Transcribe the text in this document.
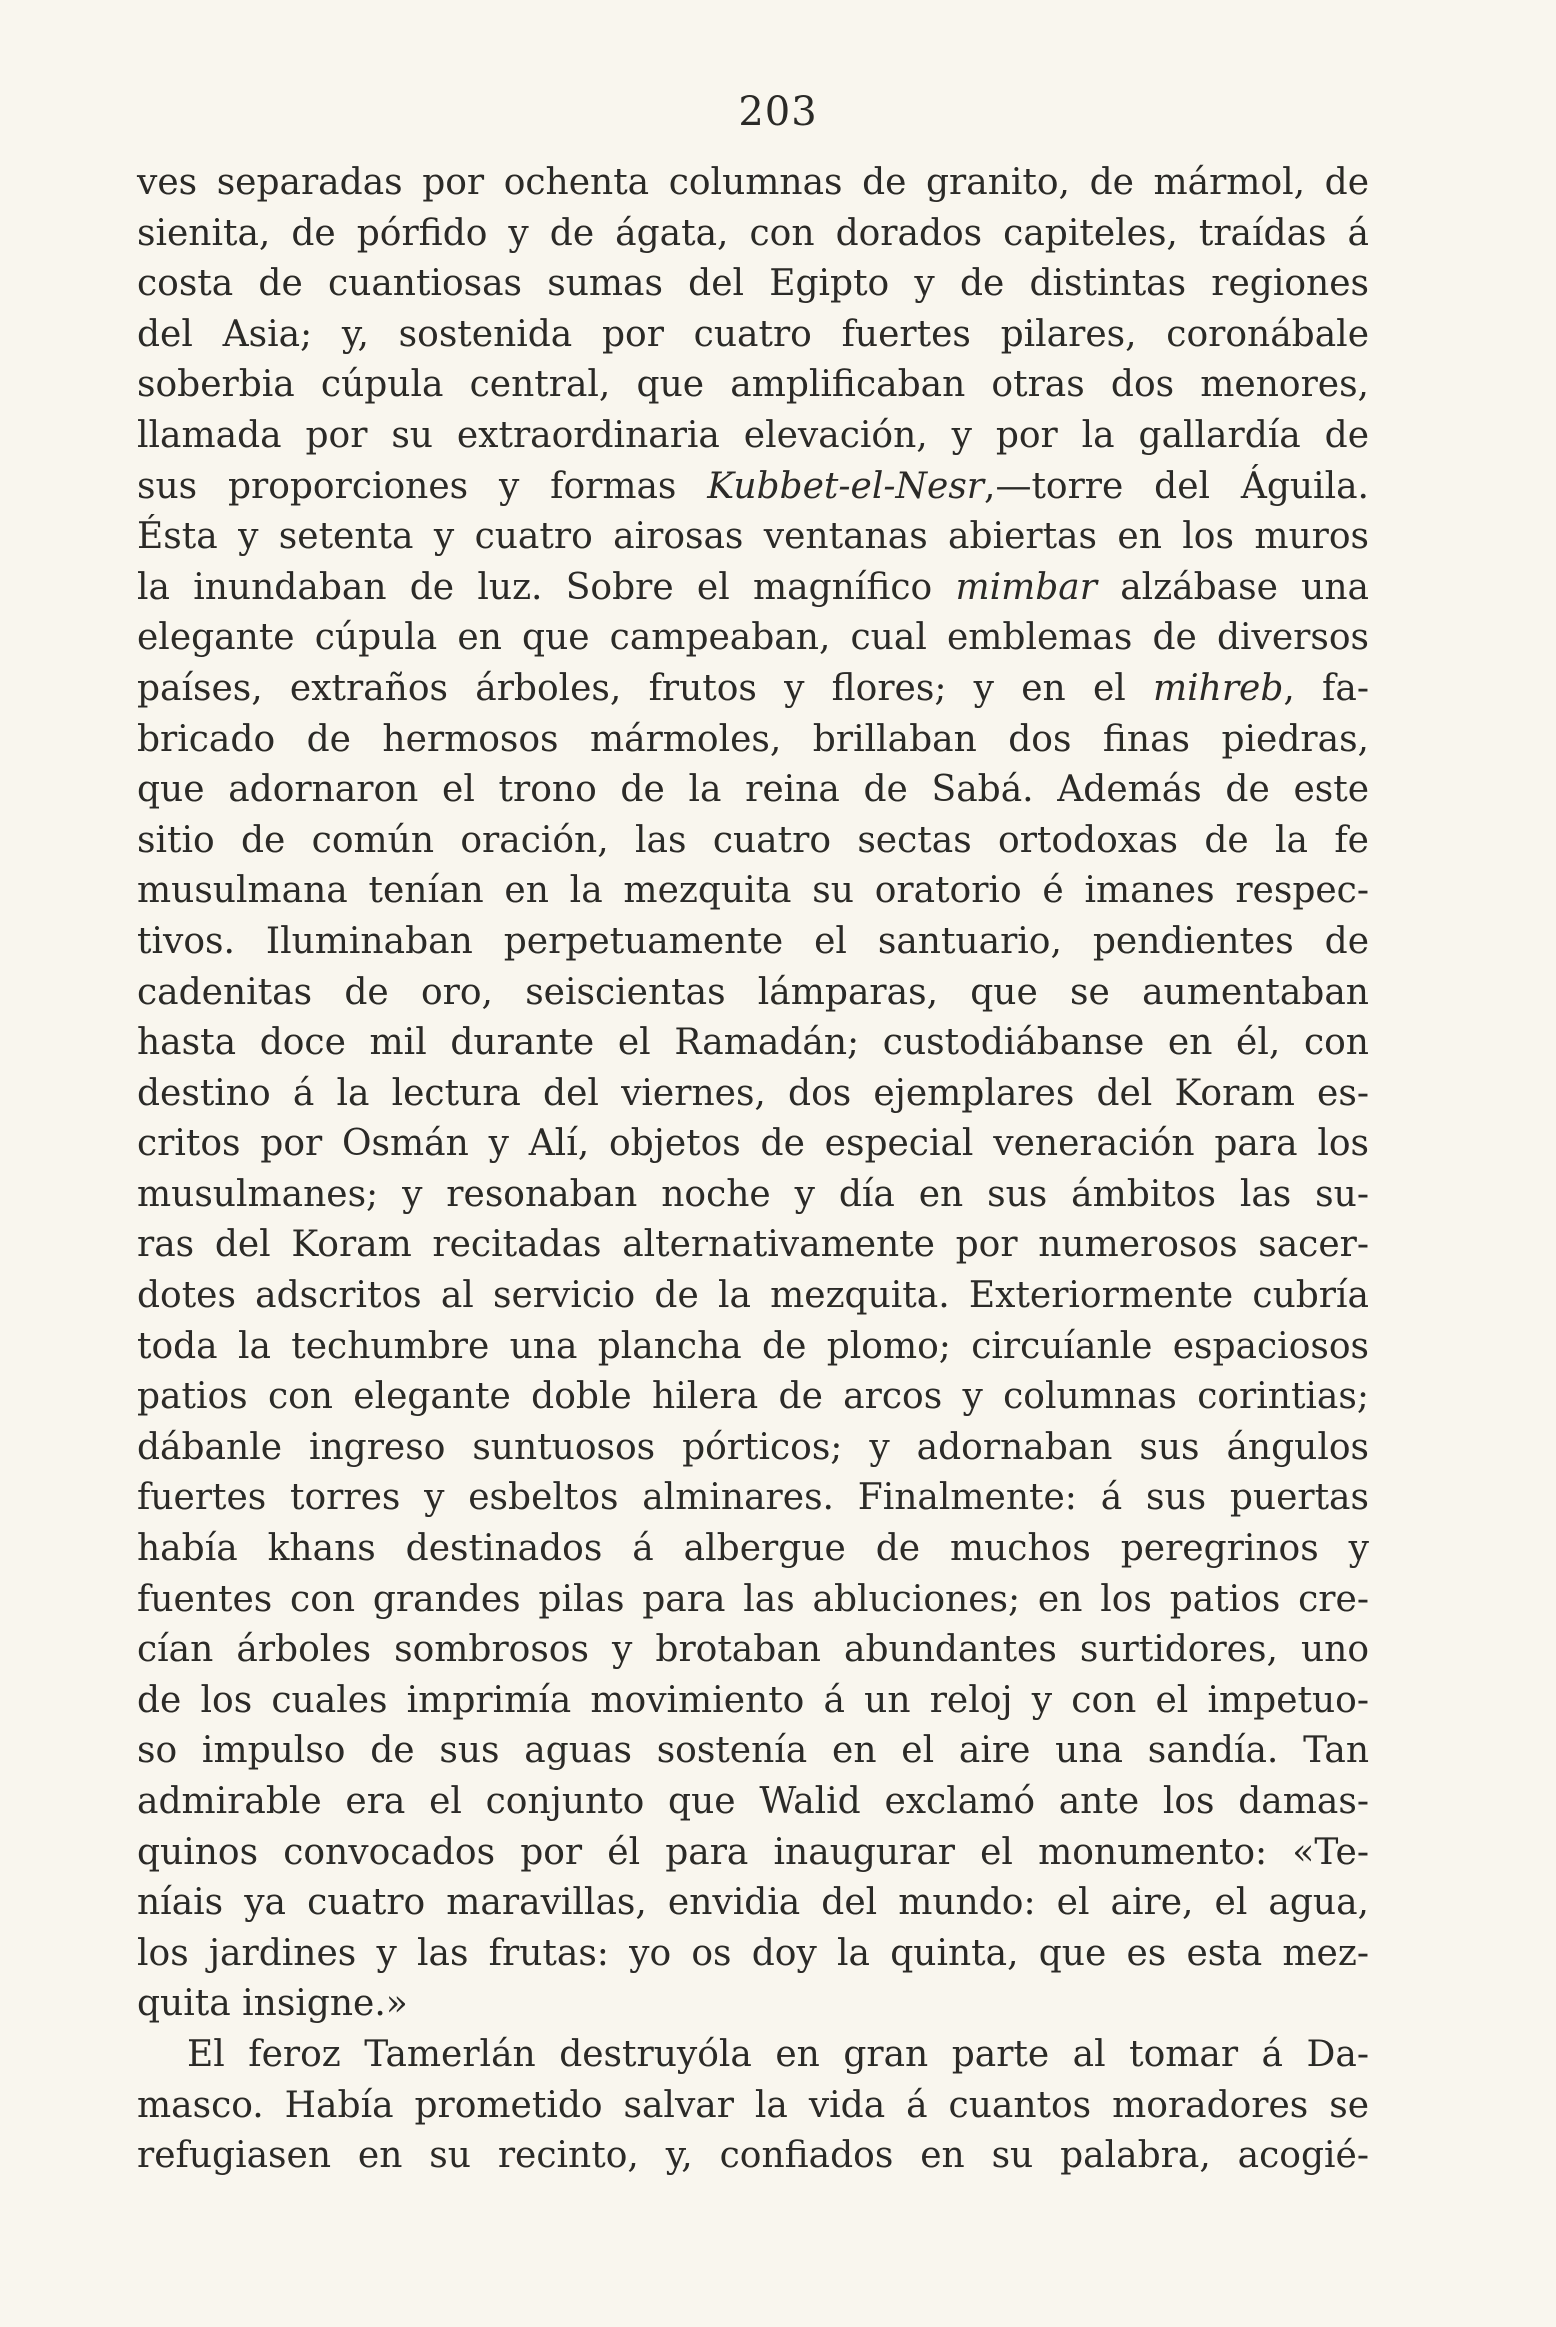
203
ves separadas por ochenta columnas de granito, de mármol, de
sienita, de pórfido y de ágata, con dorados capiteles, traídas á
costa de cuantiosas sumas del Egipto y de distintas regiones
del Asia; y, sostenida por cuatro fuertes pilares, coronábale
soberbia cúpula central, que amplificaban otras dos menores,
llamada por su extraordinaria elevación, y por la gallardía de
sus proporciones y formas Kubbet-el-Nesr,—torre del Águila.
Ésta y setenta y cuatro airosas ventanas abiertas en los muros
la inundaban de luz. Sobre el magnífico mimbar alzábase una
elegante cúpula en que campeaban, cual emblemas de diversos
países, extraños árboles, frutos y flores; y en el mihreb, fa-
bricado de hermosos mármoles, brillaban dos finas piedras,
que adornaron el trono de la reina de Sabá. Además de este
sitio de común oración, las cuatro sectas ortodoxas de la fe
musulmana tenían en la mezquita su oratorio é imanes respec-
tivos. Iluminaban perpetuamente el santuario, pendientes de
cadenitas de oro, seiscientas lámparas, que se aumentaban
hasta doce mil durante el Ramadán; custodiábanse en él, con
destino á la lectura del viernes, dos ejemplares del Koram es-
critos por Osmán y Alí, objetos de especial veneración para los
musulmanes; y resonaban noche y día en sus ámbitos las su-
ras del Koram recitadas alternativamente por numerosos sacer-
dotes adscritos al servicio de la mezquita. Exteriormente cubría
toda la techumbre una plancha de plomo; circuíanle espaciosos
patios con elegante doble hilera de arcos y columnas corintias;
dábanle ingreso suntuosos pórticos; y adornaban sus ángulos
fuertes torres y esbeltos alminares. Finalmente: á sus puertas
había khans destinados á albergue de muchos peregrinos y
fuentes con grandes pilas para las abluciones; en los patios cre-
cían árboles sombrosos y brotaban abundantes surtidores, uno
de los cuales imprimía movimiento á un reloj y con el impetuo-
so impulso de sus aguas sostenía en el aire una sandía. Tan
admirable era el conjunto que Walid exclamó ante los damas-
quinos convocados por él para inaugurar el monumento: «Te-
níais ya cuatro maravillas, envidia del mundo: el aire, el agua,
los jardines y las frutas: yo os doy la quinta, que es esta mez-
quita insigne.»
El feroz Tamerlán destruyóla en gran parte al tomar á Da-
masco. Había prometido salvar la vida á cuantos moradores se
refugiasen en su recinto, y, confiados en su palabra, acogié-
